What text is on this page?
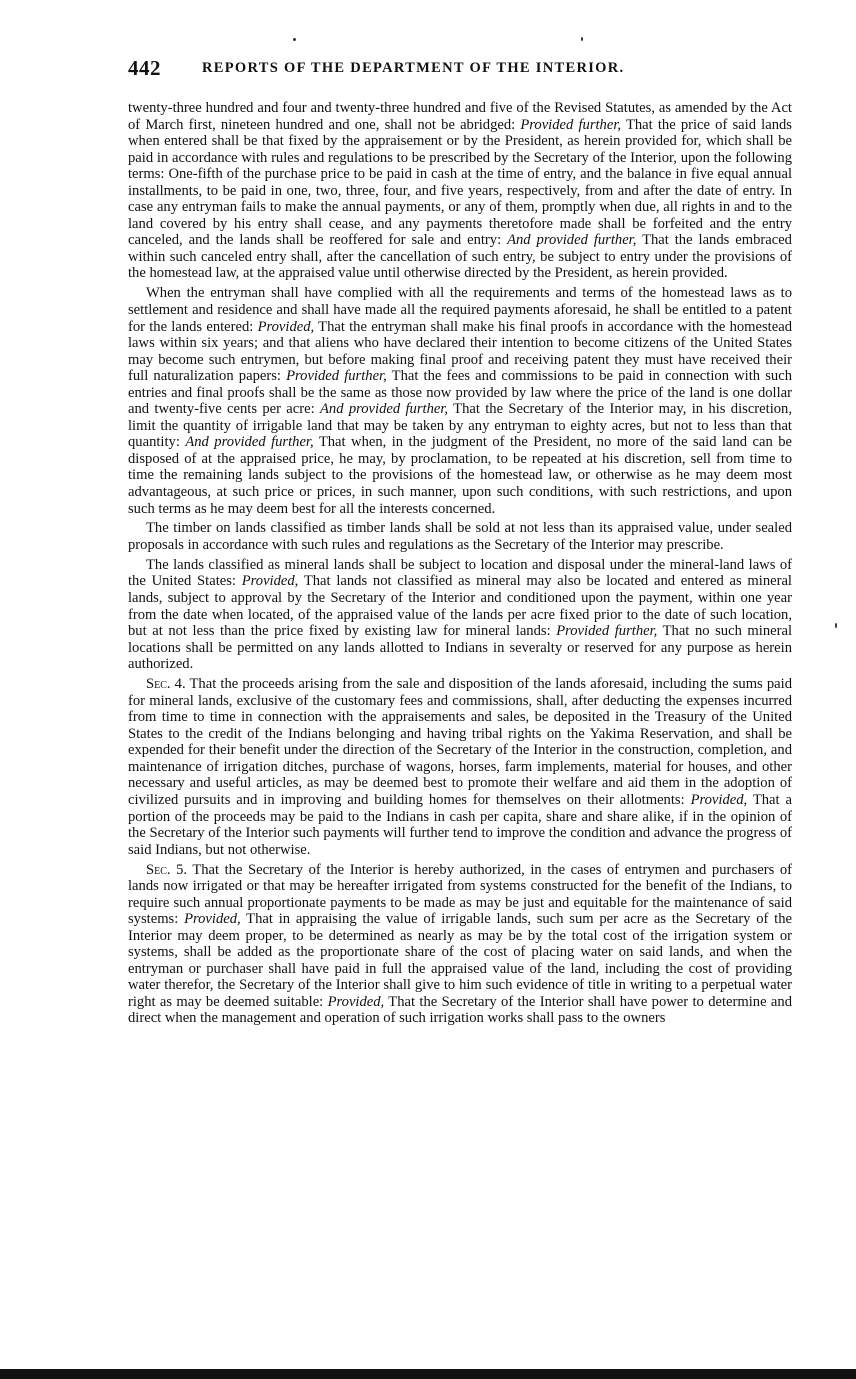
442	REPORTS OF THE DEPARTMENT OF THE INTERIOR.

twenty-three hundred and four and twenty-three hundred and five of the Revised Statutes, as amended by the Act of March first, nineteen hundred and one, shall not be abridged: Provided further, That the price of said lands when entered shall be that fixed by the appraisement or by the President, as herein provided for, which shall be paid in accordance with rules and regulations to be prescribed by the Secretary of the Interior, upon the following terms: One-fifth of the purchase price to be paid in cash at the time of entry, and the balance in five equal annual installments, to be paid in one, two, three, four, and five years, respectively, from and after the date of entry. In case any entryman fails to make the annual payments, or any of them, promptly when due, all rights in and to the land covered by his entry shall cease, and any payments theretofore made shall be forfeited and the entry canceled, and the lands shall be reoffered for sale and entry: And provided further, That the lands embraced within such canceled entry shall, after the cancellation of such entry, be subject to entry under the provisions of the homestead law, at the appraised value until otherwise directed by the President, as herein provided.

When the entryman shall have complied with all the requirements and terms of the homestead laws as to settlement and residence and shall have made all the required payments aforesaid, he shall be entitled to a patent for the lands entered: Provided, That the entryman shall make his final proofs in accordance with the homestead laws within six years; and that aliens who have declared their intention to become citizens of the United States may become such entrymen, but before making final proof and receiving patent they must have received their full naturalization papers: Provided further, That the fees and commissions to be paid in connection with such entries and final proofs shall be the same as those now provided by law where the price of the land is one dollar and twenty-five cents per acre: And provided further, That the Secretary of the Interior may, in his discretion, limit the quantity of irrigable land that may be taken by any entryman to eighty acres, but not to less than that quantity: And provided further, That when, in the judgment of the President, no more of the said land can be disposed of at the appraised price, he may, by proclamation, to be repeated at his discretion, sell from time to time the remaining lands subject to the provisions of the homestead law, or otherwise as he may deem most advantageous, at such price or prices, in such manner, upon such conditions, with such restrictions, and upon such terms as he may deem best for all the interests concerned.

The timber on lands classified as timber lands shall be sold at not less than its appraised value, under sealed proposals in accordance with such rules and regulations as the Secretary of the Interior may prescribe.

The lands classified as mineral lands shall be subject to location and disposal under the mineral-land laws of the United States: Provided, That lands not classified as mineral may also be located and entered as mineral lands, subject to approval by the Secretary of the Interior and conditioned upon the payment, within one year from the date when located, of the appraised value of the lands per acre fixed prior to the date of such location, but at not less than the price fixed by existing law for mineral lands: Provided further, That no such mineral locations shall be permitted on any lands allotted to Indians in severalty or reserved for any purpose as herein authorized.

Sec. 4. That the proceeds arising from the sale and disposition of the lands aforesaid, including the sums paid for mineral lands, exclusive of the customary fees and commissions, shall, after deducting the expenses incurred from time to time in connection with the appraisements and sales, be deposited in the Treasury of the United States to the credit of the Indians belonging and having tribal rights on the Yakima Reservation, and shall be expended for their benefit under the direction of the Secretary of the Interior in the construction, completion, and maintenance of irrigation ditches, purchase of wagons, horses, farm implements, material for houses, and other necessary and useful articles, as may be deemed best to promote their welfare and aid them in the adoption of civilized pursuits and in improving and building homes for themselves on their allotments: Provided, That a portion of the proceeds may be paid to the Indians in cash per capita, share and share alike, if in the opinion of the Secretary of the Interior such payments will further tend to improve the condition and advance the progress of said Indians, but not otherwise.

Sec. 5. That the Secretary of the Interior is hereby authorized, in the cases of entrymen and purchasers of lands now irrigated or that may be hereafter irrigated from systems constructed for the benefit of the Indians, to require such annual proportionate payments to be made as may be just and equitable for the maintenance of said systems: Provided, That in appraising the value of irrigable lands, such sum per acre as the Secretary of the Interior may deem proper, to be determined as nearly as may be by the total cost of the irrigation system or systems, shall be added as the proportionate share of the cost of placing water on said lands, and when the entryman or purchaser shall have paid in full the appraised value of the land, including the cost of providing water therefor, the Secretary of the Interior shall give to him such evidence of title in writing to a perpetual water right as may be deemed suitable: Provided, That the Secretary of the Interior shall have power to determine and direct when the management and operation of such irrigation works shall pass to the owners
